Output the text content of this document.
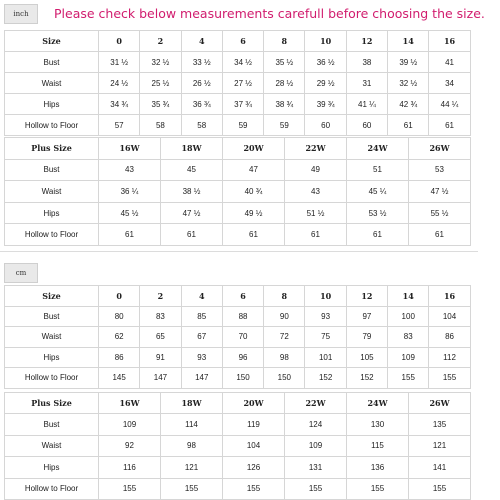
inch	Please check below measurements carefull before choosing the size.
Size	0	2	4	6	8	10	12	14	16
Bust	31 ½	32 ½	33 ½	34 ½	35 ½	36 ½	38	39 ½	41
Waist	24 ½	25 ½	26 ½	27 ½	28 ½	29 ½	31	32 ½	34
Hips	34 ¾	35 ¾	36 ¾	37 ¾	38 ¾	39 ¾	41 ¼	42 ¾	44 ¼
Hollow to Floor	57	58	58	59	59	60	60	61	61
Plus Size	16W	18W	20W	22W	24W	26W
Bust	43	45	47	49	51	53
Waist	36 ¼	38 ½	40 ¾	43	45 ¼	47 ½
Hips	45 ½	47 ½	49 ½	51 ½	53 ½	55 ½
Hollow to Floor	61	61	61	61	61	61
cm
Size	0	2	4	6	8	10	12	14	16
Bust	80	83	85	88	90	93	97	100	104
Waist	62	65	67	70	72	75	79	83	86
Hips	86	91	93	96	98	101	105	109	112
Hollow to Floor	145	147	147	150	150	152	152	155	155
Plus Size	16W	18W	20W	22W	24W	26W
Bust	109	114	119	124	130	135
Waist	92	98	104	109	115	121
Hips	116	121	126	131	136	141
Hollow to Floor	155	155	155	155	155	155
